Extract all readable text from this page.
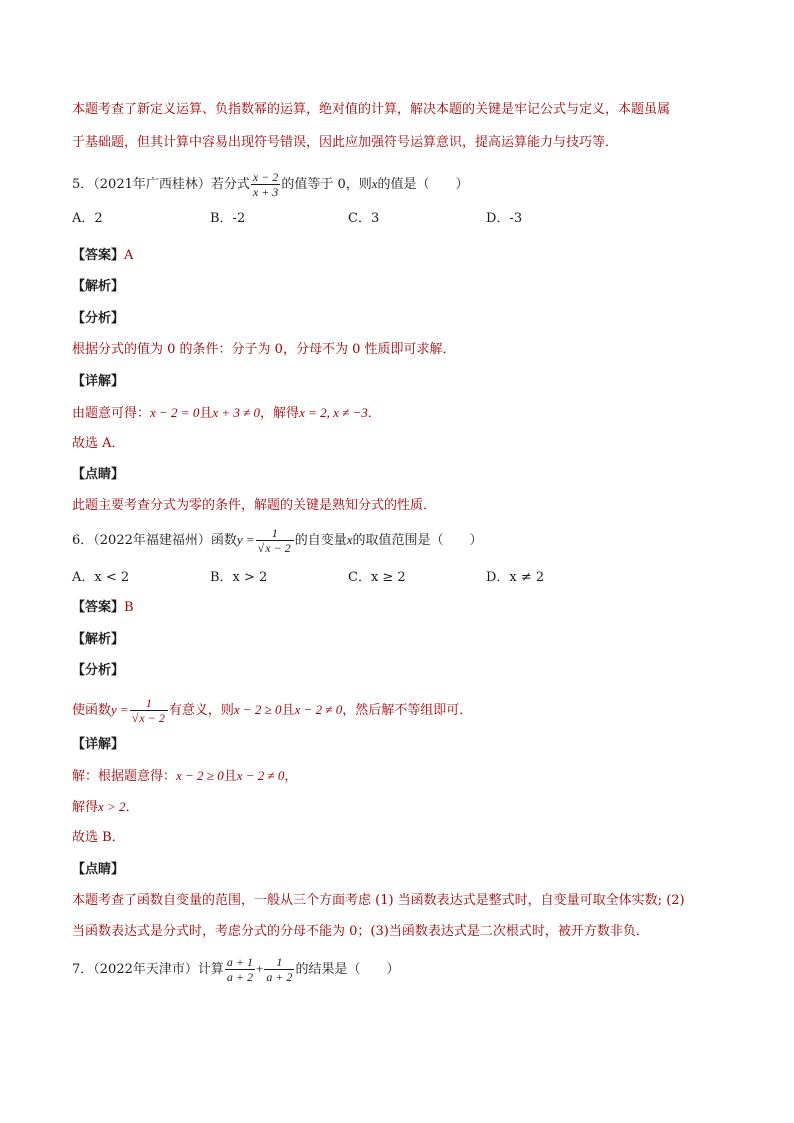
本题考查了新定义运算、负指数幂的运算，绝对值的计算，解决本题的关键是牢记公式与定义，本题虽属
于基础题，但其计算中容易出现符号错误，因此应加强符号运算意识，提高运算能力与技巧等．
5．（2021年广西桂林）若分式 $\frac{x - 2}{x + 3}$ 的值等于 0，则x的值是（　　）
A．2	B．-2	C．3	D．-3
【答案】A
【解析】
【分析】
根据分式的值为 0 的条件：分子为 0，分母不为 0 性质即可求解．
【详解】
由题意可得：x − 2 = 0且x + 3 ≠ 0，解得x = 2, x ≠ −3．
故选 A．
【点睛】
此题主要考查分式为零的条件，解题的关键是熟知分式的性质．
6．（2022年福建福州）函数$y = \frac{1}{√x - 2}$ 的自变量x的取值范围是（　　）
A．x < 2	B．x > 2	C．x ≥ 2	D．x ≠ 2
【答案】B
【解析】
【分析】
使函数$y = \frac{1}{√x - 2}$ 有意义，则x − 2 ≥ 0且x − 2 ≠ 0，然后解不等组即可．
【详解】
解：根据题意得：x − 2 ≥ 0且x − 2 ≠ 0，
解得x > 2．
故选 B．
【点睛】
本题考查了函数自变量的范围，一般从三个方面考虑 (1) 当函数表达式是整式时，自变量可取全体实数; (2)
当函数表达式是分式时，考虑分式的分母不能为 0；(3)当函数表达式是二次根式时，被开方数非负．
7．（2022年天津市）计算 $\frac{a + 1}{a + 2} + \frac{1}{a + 2}$ 的结果是（　　）
